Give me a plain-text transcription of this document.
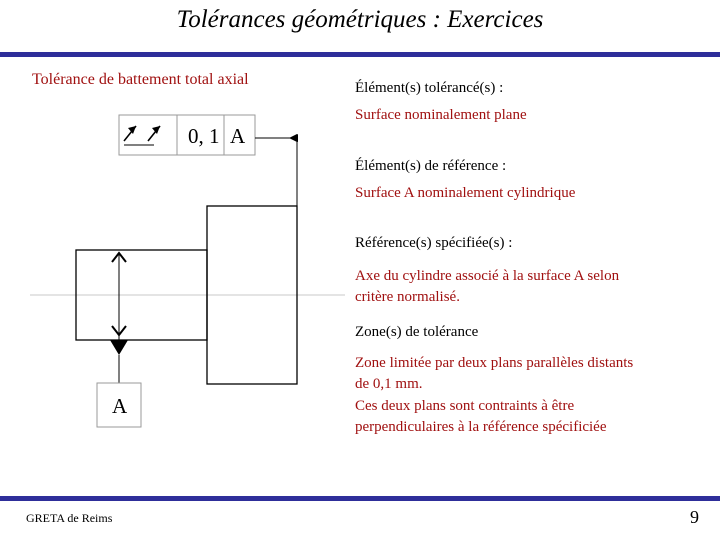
Tolérances géométriques : Exercices
Tolérance de battement total axial
0, 1 A
A
Élément(s) tolérancé(s) :
Surface nominalement plane
Élément(s) de référence :
Surface A nominalement cylindrique
Référence(s) spécifiée(s) :
Axe du cylindre associé à la surface A selon
critère normalisé.
Zone(s) de tolérance
Zone limitée par deux plans parallèles distants
de 0,1 mm.
Ces deux plans sont contraints à être
perpendiculaires à la référence spécificiée
GRETA de Reims	9
